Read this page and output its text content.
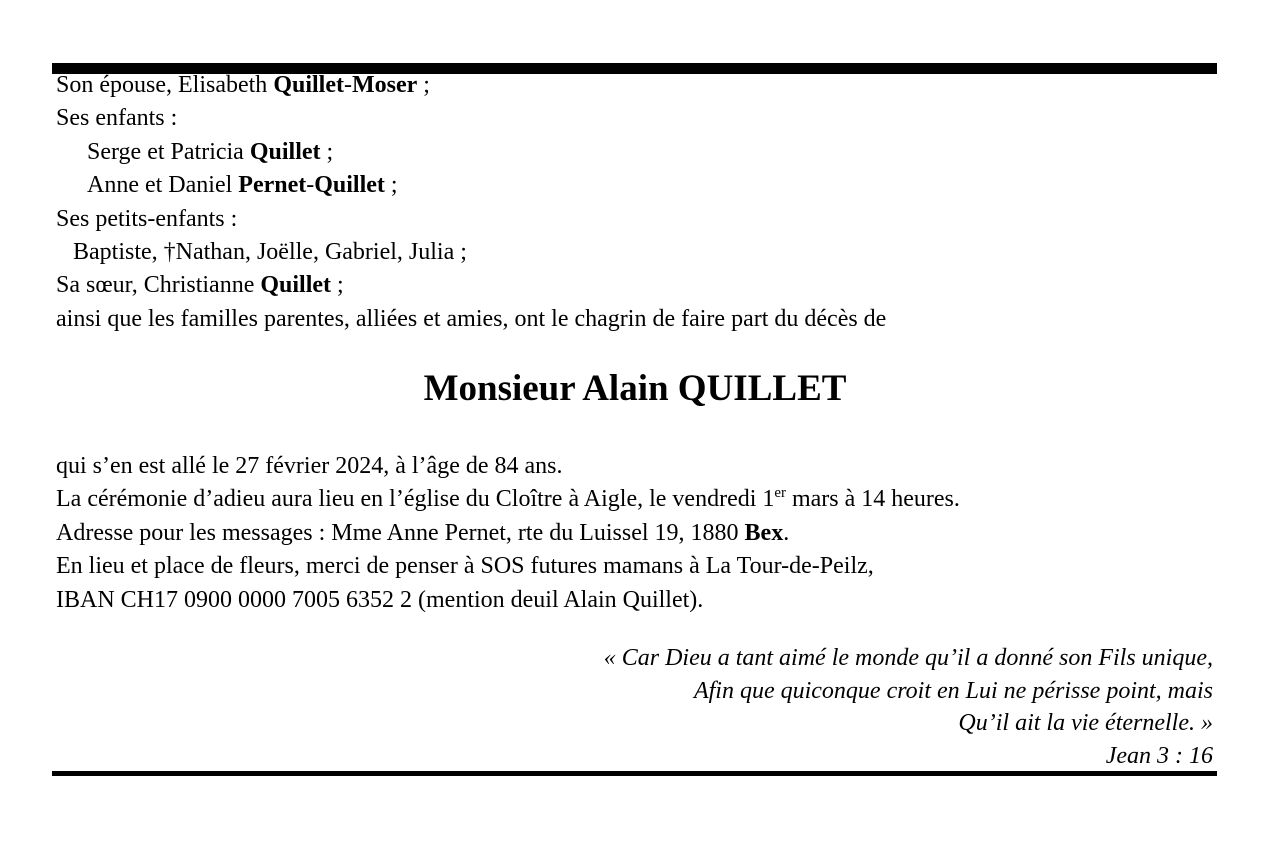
Son épouse, Elisabeth Quillet-Moser ;
Ses enfants :
Serge et Patricia Quillet ;
Anne et Daniel Pernet-Quillet ;
Ses petits-enfants :
Baptiste, †Nathan, Joëlle, Gabriel, Julia ;
Sa sœur, Christianne Quillet ;
ainsi que les familles parentes, alliées et amies, ont le chagrin de faire part du décès de
Monsieur Alain QUILLET
qui s’en est allé le 27 février 2024, à l’âge de 84 ans.
La cérémonie d’adieu aura lieu en l’église du Cloître à Aigle, le vendredi 1er mars à 14 heures.
Adresse pour les messages : Mme Anne Pernet, rte du Luissel 19, 1880 Bex.
En lieu et place de fleurs, merci de penser à SOS futures mamans à La Tour-de-Peilz,
IBAN CH17 0900 0000 7005 6352 2 (mention deuil Alain Quillet).
« Car Dieu a tant aimé le monde qu’il a donné son Fils unique,
Afin que quiconque croit en Lui ne périsse point, mais
Qu’il ait la vie éternelle. »
Jean 3 : 16
